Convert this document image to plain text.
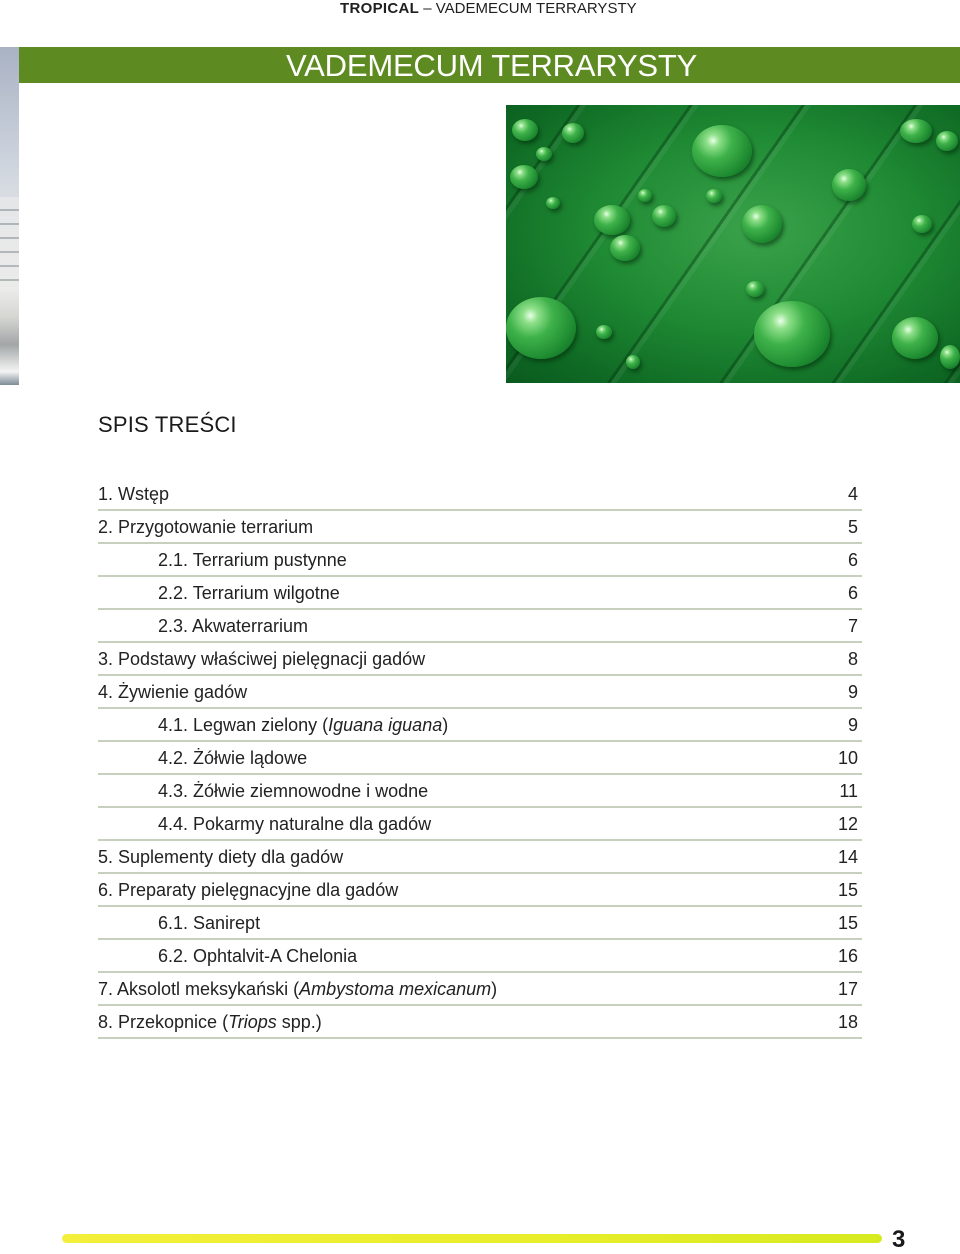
TROPICAL – VADEMECUM TERRARYSTY
VADEMECUM TERRARYSTY
SPIS TREŚCI
1. Wstęp	4
2. Przygotowanie terrarium	5
2.1. Terrarium pustynne	6
2.2. Terrarium wilgotne	6
2.3. Akwaterrarium	7
3. Podstawy właściwej pielęgnacji gadów	8
4. Żywienie gadów	9
4.1. Legwan zielony (Iguana iguana)	9
4.2. Żółwie lądowe	10
4.3. Żółwie ziemnowodne i wodne	11
4.4. Pokarmy naturalne dla gadów	12
5. Suplementy diety dla gadów	14
6. Preparaty pielęgnacyjne dla gadów	15
6.1. Sanirept	15
6.2. Ophtalvit-A Chelonia	16
7. Aksolotl meksykański (Ambystoma mexicanum)	17
8. Przekopnice (Triops spp.)	18
3
